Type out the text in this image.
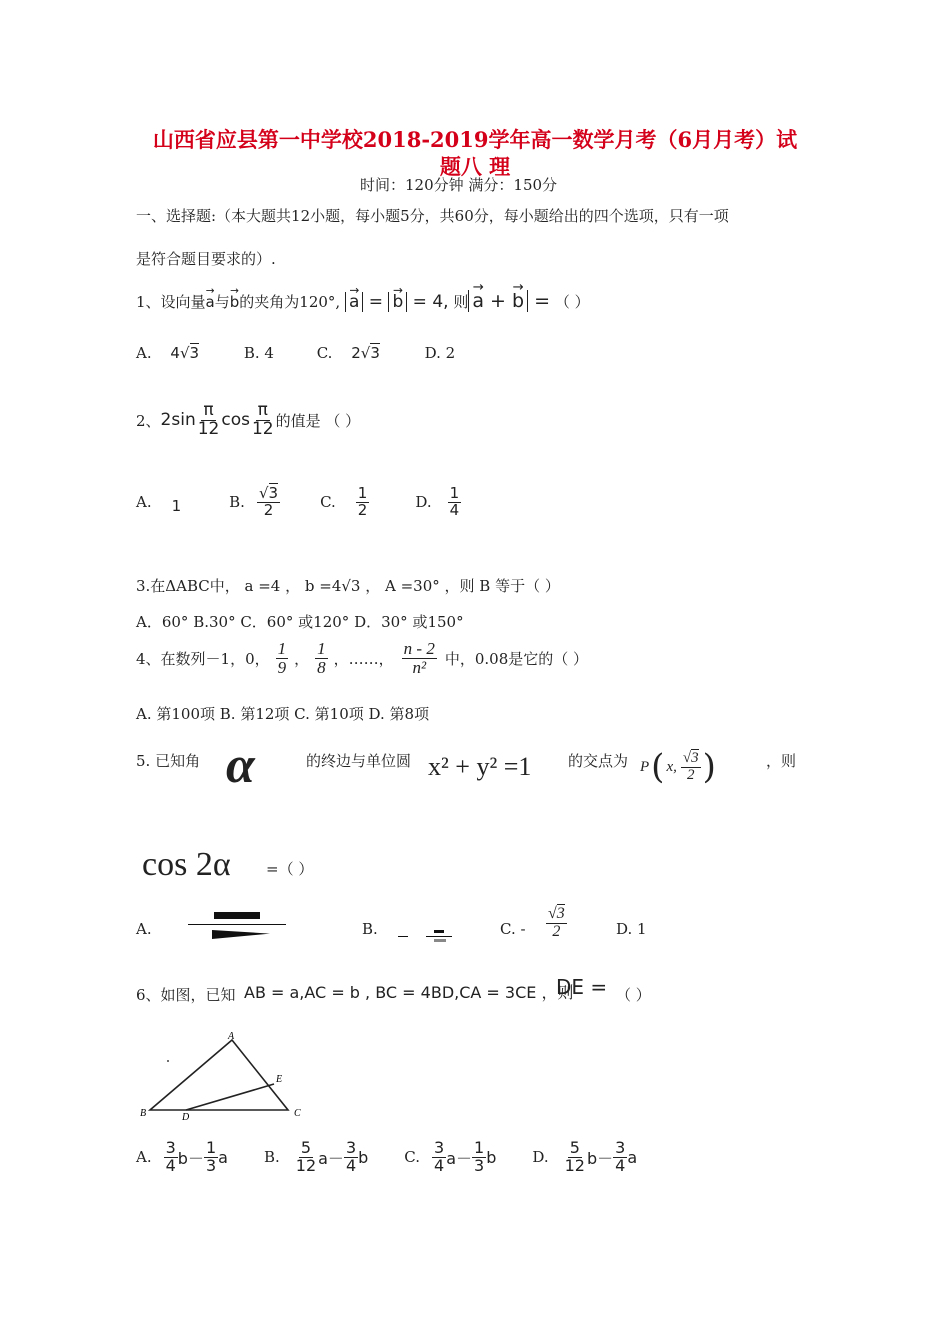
山西省应县第一中学校2018-2019学年高一数学月考（6月月考）试
题八 理
时间：120分钟 满分：150分
一、选择题:（本大题共12小题，每小题5分，共60分，每小题给出的四个选项，只有一项
是符合题目要求的）.
1、设向量→ a与→ b的夹角为120°, → a = → b = 4, 则 → a + → b = （ ）
A. 4√3	B. 4	C. 2√3	D. 2
2、 $2\sin \frac{\pi}{12}$ $\cos \frac{\pi}{12}$ 的值是 （ ）
A. 1	B. $\frac{√3}{2}$	C. $\frac{1}{2}$	D. $\frac{1}{4}$
3.在ΔABC中， a =4 ， b =4√3 ， A =30° ，则 B 等于（ ）
A．60° B.30° C．60° 或120° D．30° 或150°
4、在数列－1，0， $\frac{1}{9}$ ， $\frac{1}{8}$ ，……， $\frac{n - 2}{\text{n²}}$ 中，0.08是它的（ ）
A. 第100项 B. 第12项 C. 第10项 D. 第8项
5. 已知角 α	的终边与单位圆 x² + y² =1 的交点为 P ( x, $\frac{√3}{2}$ )	，则
cos 2α =（ ）
A.	B.	C. - $\frac{√3}{2}$	D. 1
6、如图，已知 AB = a,AC = b , BC = 4BD,CA = 3CE ，则
DE = （ ）
A
B	C
D
E
A. $\frac{3}{4} b- \frac{1}{3}$ a B. $\frac{5}{12} a- \frac{3}{4}$ b C. $\frac{3}{4} a- \frac{1}{3}$ b D. $\frac{5}{12} b- \frac{3}{4}$ a
